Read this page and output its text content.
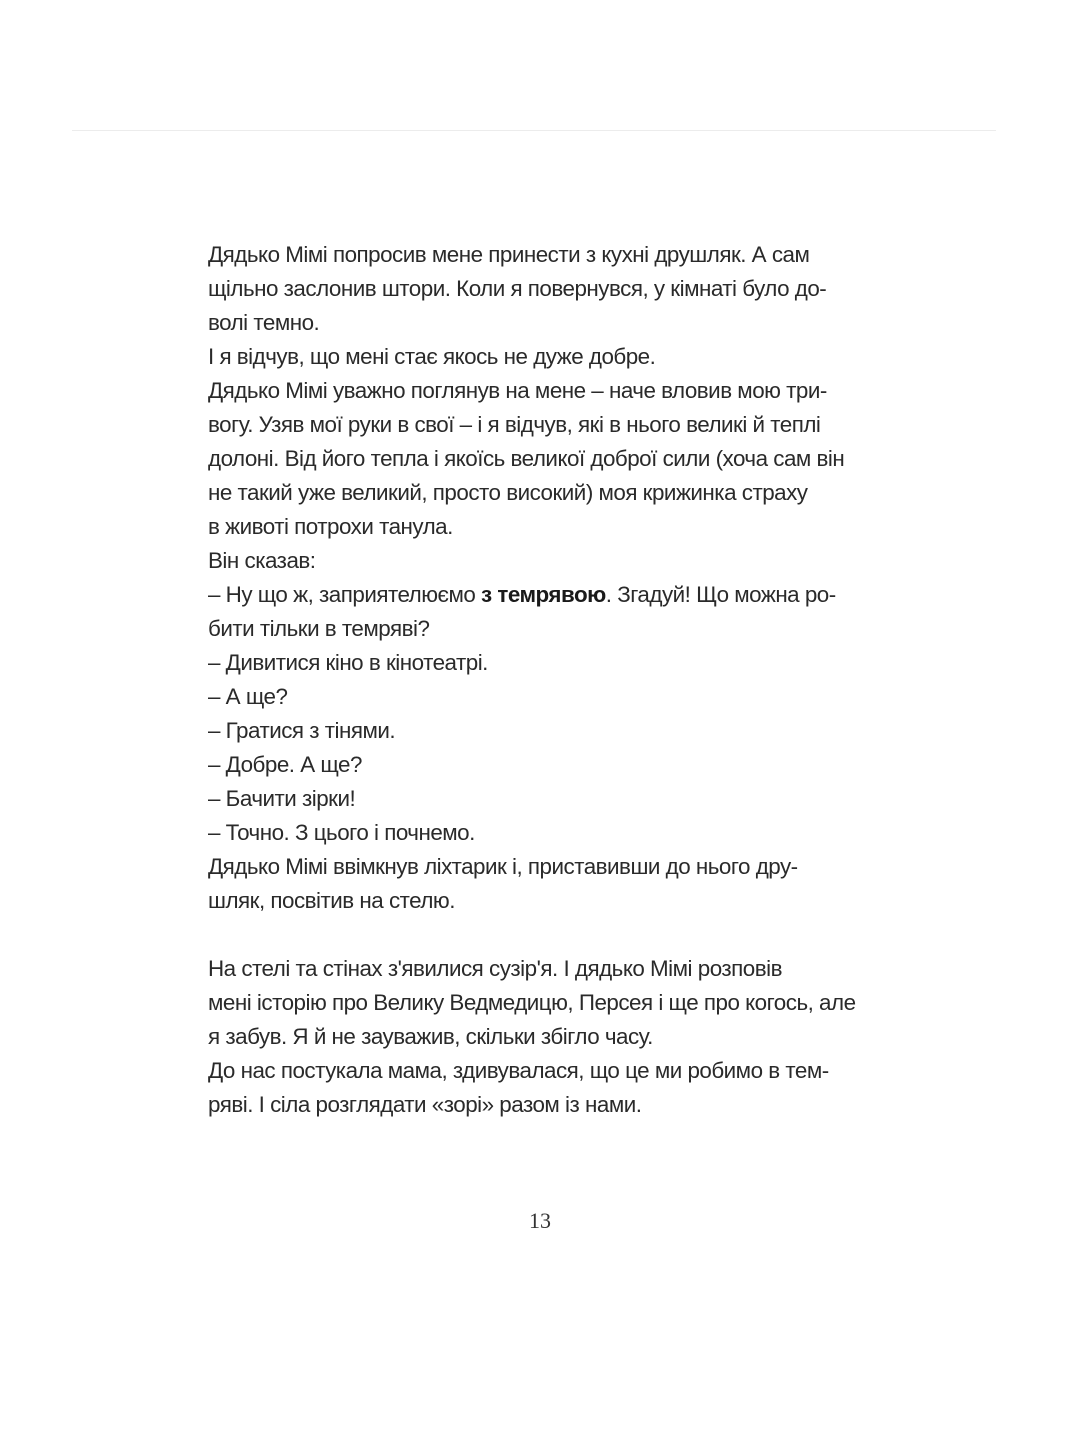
Дядько Мімі попросив мене принести з кухні друшляк. А сам
щільно заслонив штори. Коли я повернувся, у кімнаті було до-
волі темно.
І я відчув, що мені стає якось не дуже добре.
Дядько Мімі уважно поглянув на мене – наче вловив мою три-
вогу. Узяв мої руки в свої – і я відчув, які в нього великі й теплі
долоні. Від його тепла і якоїсь великої доброї сили (хоча сам він
не такий уже великий, просто високий) моя крижинка страху
в животі потрохи танула.
Він сказав:
– Ну що ж, заприятелюємо з темрявою. Згадуй! Що можна ро-
бити тільки в темряві?
– Дивитися кіно в кінотеатрі.
– А ще?
– Гратися з тінями.
– Добре. А ще?
– Бачити зірки!
– Точно. З цього і почнемо.
Дядько Мімі ввімкнув ліхтарик і, приставивши до нього дру-
шляк, посвітив на стелю.
На стелі та стінах з'явилися сузір'я. І дядько Мімі розповів
мені історію про Велику Ведмедицю, Персея і ще про когось, але
я забув. Я й не зауважив, скільки збігло часу.
До нас постукала мама, здивувалася, що це ми робимо в тем-
ряві. І сіла розглядати «зорі» разом із нами.
13
